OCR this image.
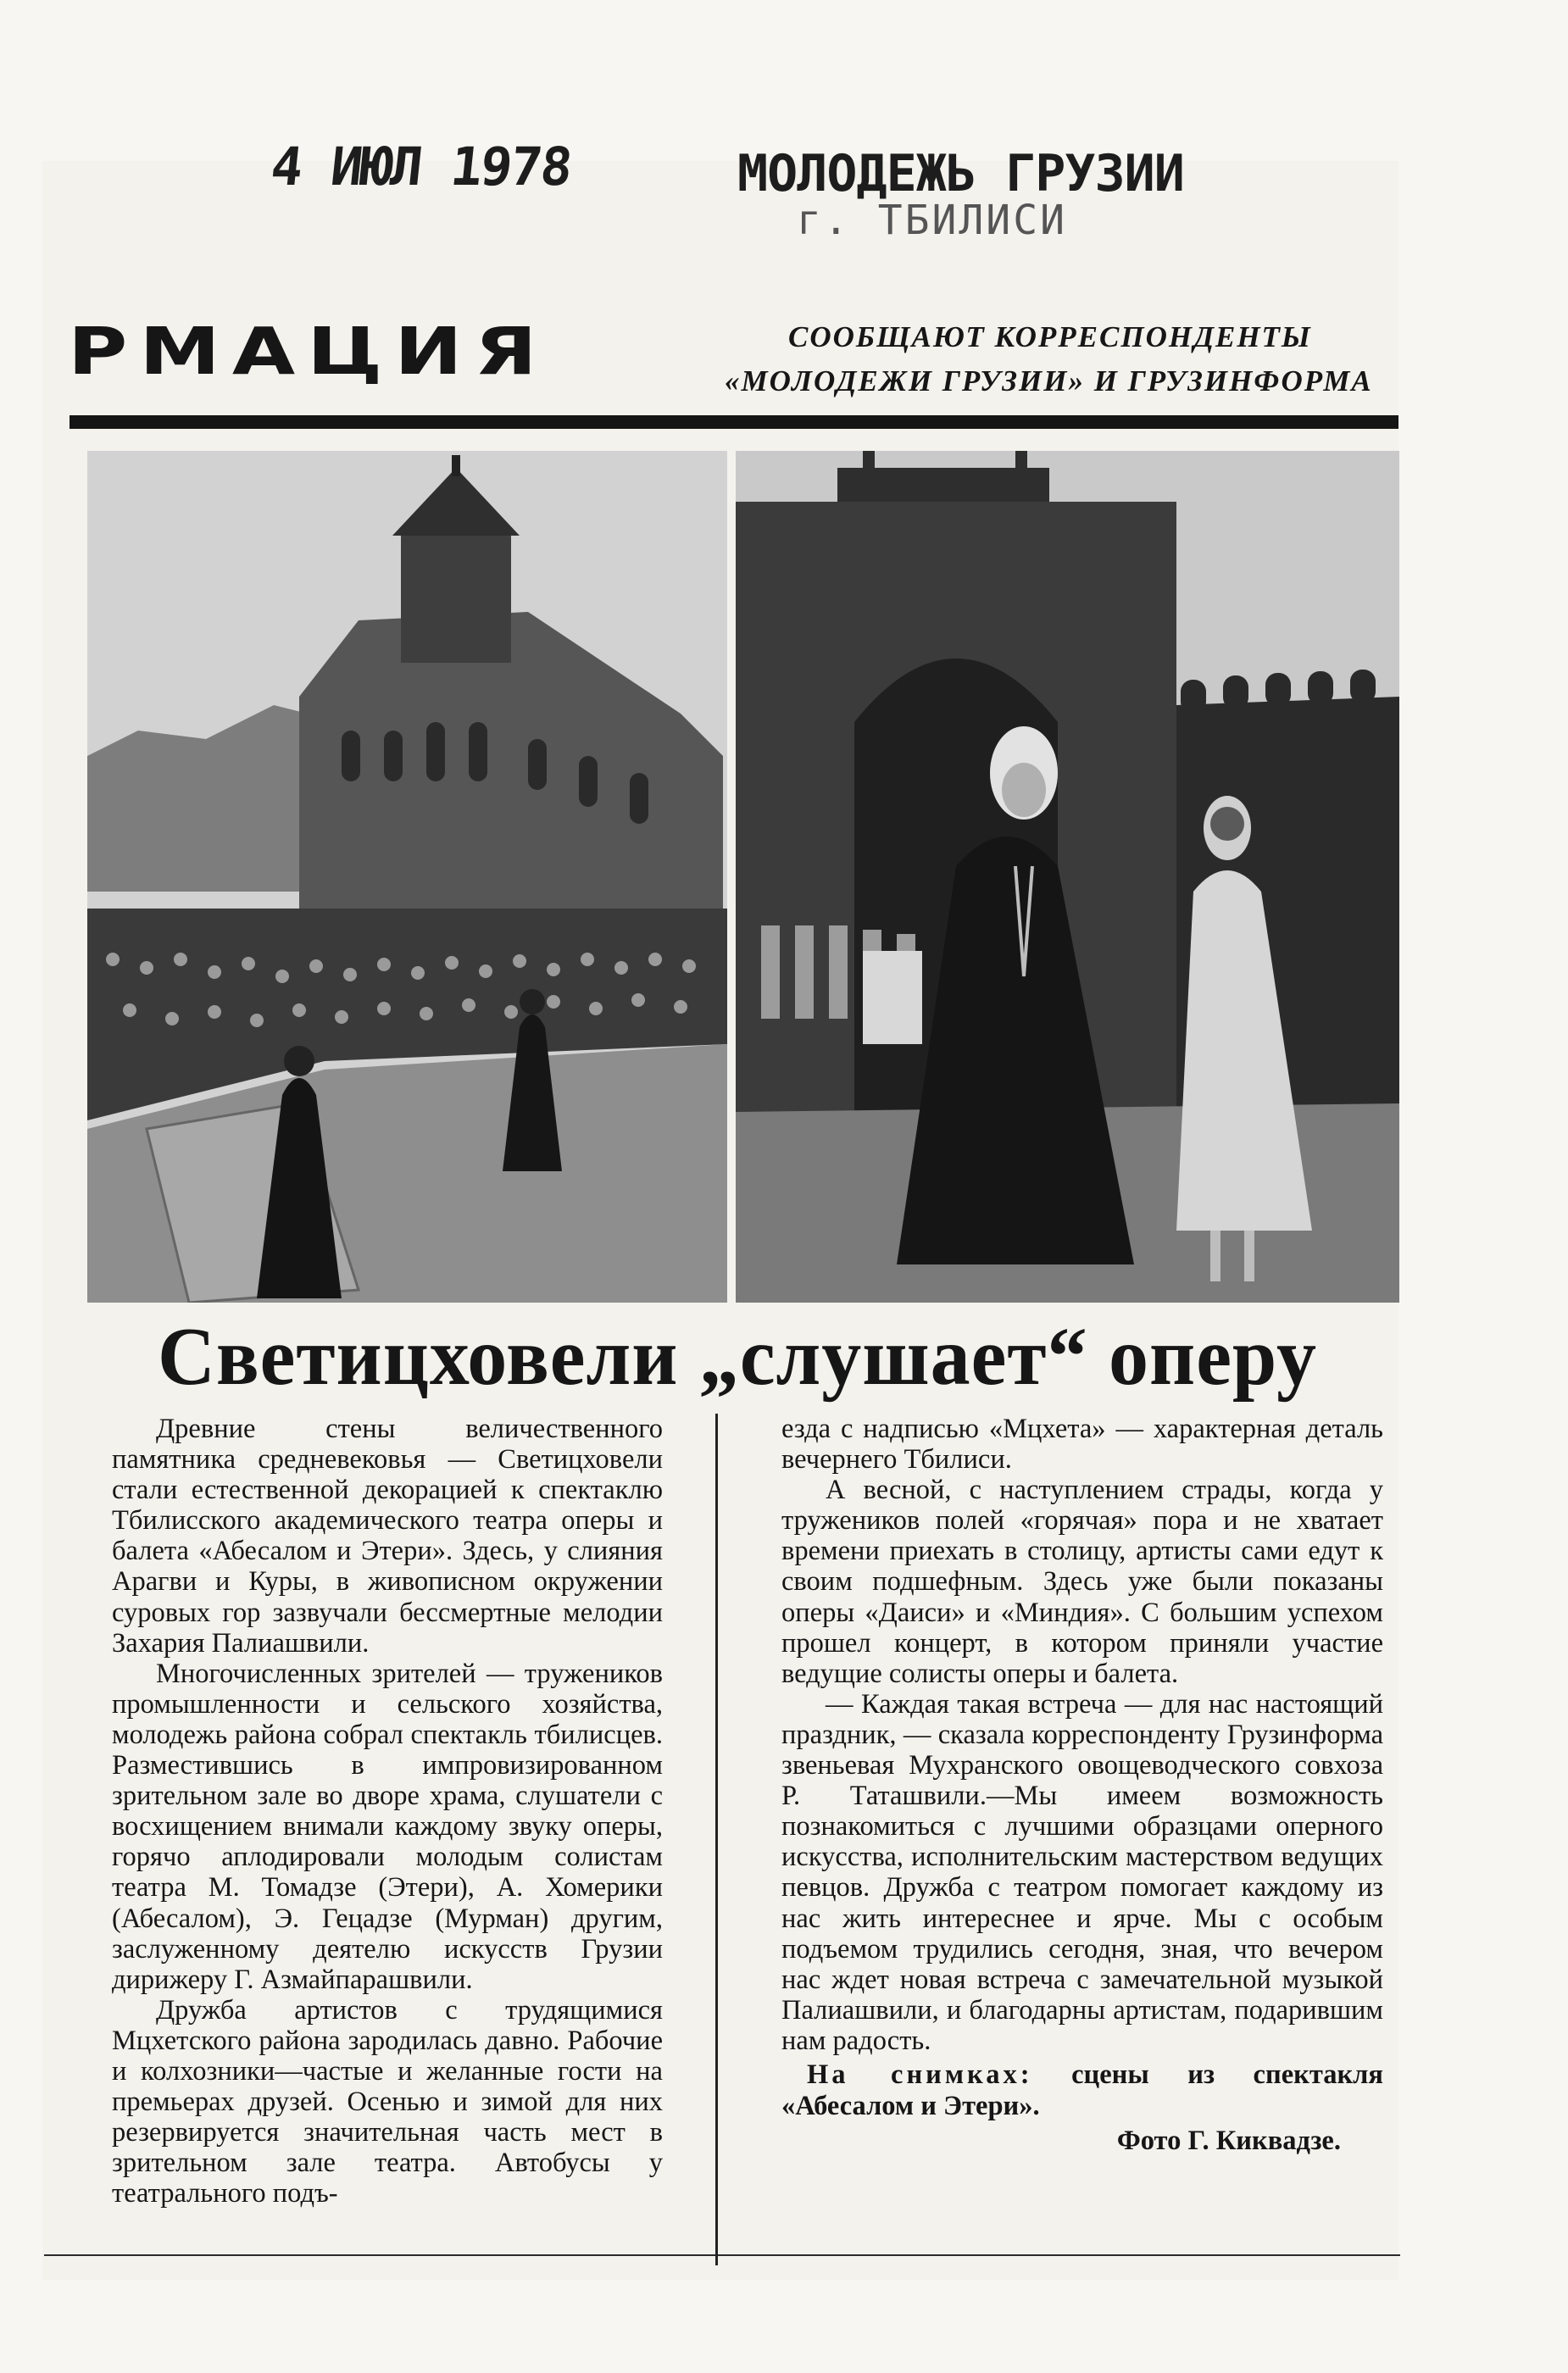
4 ИЮЛ 1978	МОЛОДЕЖЬ ГРУЗИИ
г. ТБИЛИСИ
РМАЦИЯ	СООБЩАЮТ КОРРЕСПОНДЕНТЫ
«МОЛОДЕЖИ ГРУЗИИ» И ГРУЗИНФОРМА
Светицховели „слушает“ оперу

Древние стены величественного памятника средневековья — Светицховели стали естественной декорацией к спектаклю Тбилисского академического театра оперы и балета «Абесалом и Этери». Здесь, у слияния Арагви и Куры, в живописном окружении суровых гор зазвучали бессмертные мелодии Захария Палиашвили.

Многочисленных зрителей — тружеников промышленности и сельского хозяйства, молодежь района собрал спектакль тбилисцев. Разместившись в импровизированном зрительном зале во дворе храма, слушатели с восхищением внимали каждому звуку оперы, горячо аплодировали молодым солистам театра М. Томадзе (Этери), А. Хомерики (Абесалом), Э. Гецадзе (Мурман) другим, заслуженному деятелю искусств Грузии дирижеру Г. Азмайпарашвили.

Дружба артистов с трудящимися Мцхетского района зародилась давно. Рабочие и колхозники—частые и желанные гости на премьерах друзей. Осенью и зимой для них резервируется значительная часть мест в зрительном зале театра. Автобусы у театрального подъ-

езда с надписью «Мцхета» — характерная деталь вечернего Тбилиси.

А весной, с наступлением страды, когда у тружеников полей «горячая» пора и не хватает времени приехать в столицу, артисты сами едут к своим подшефным. Здесь уже были показаны оперы «Даиси» и «Миндия». С большим успехом прошел концерт, в котором приняли участие ведущие солисты оперы и балета.

— Каждая такая встреча — для нас настоящий праздник, — сказала корреспонденту Грузинформа звеньевая Мухранского овощеводческого совхоза Р. Таташвили.—Мы имеем возможность познакомиться с лучшими образцами оперного искусства, исполнительским мастерством ведущих певцов. Дружба с театром помогает каждому из нас жить интереснее и ярче. Мы с особым подъемом трудились сегодня, зная, что вечером нас ждет новая встреча с замечательной музыкой Палиашвили, и благодарны артистам, подарившим нам радость.

На снимках: сцены из спектакля «Абесалом и Этери».

Фото Г. Киквадзе.
